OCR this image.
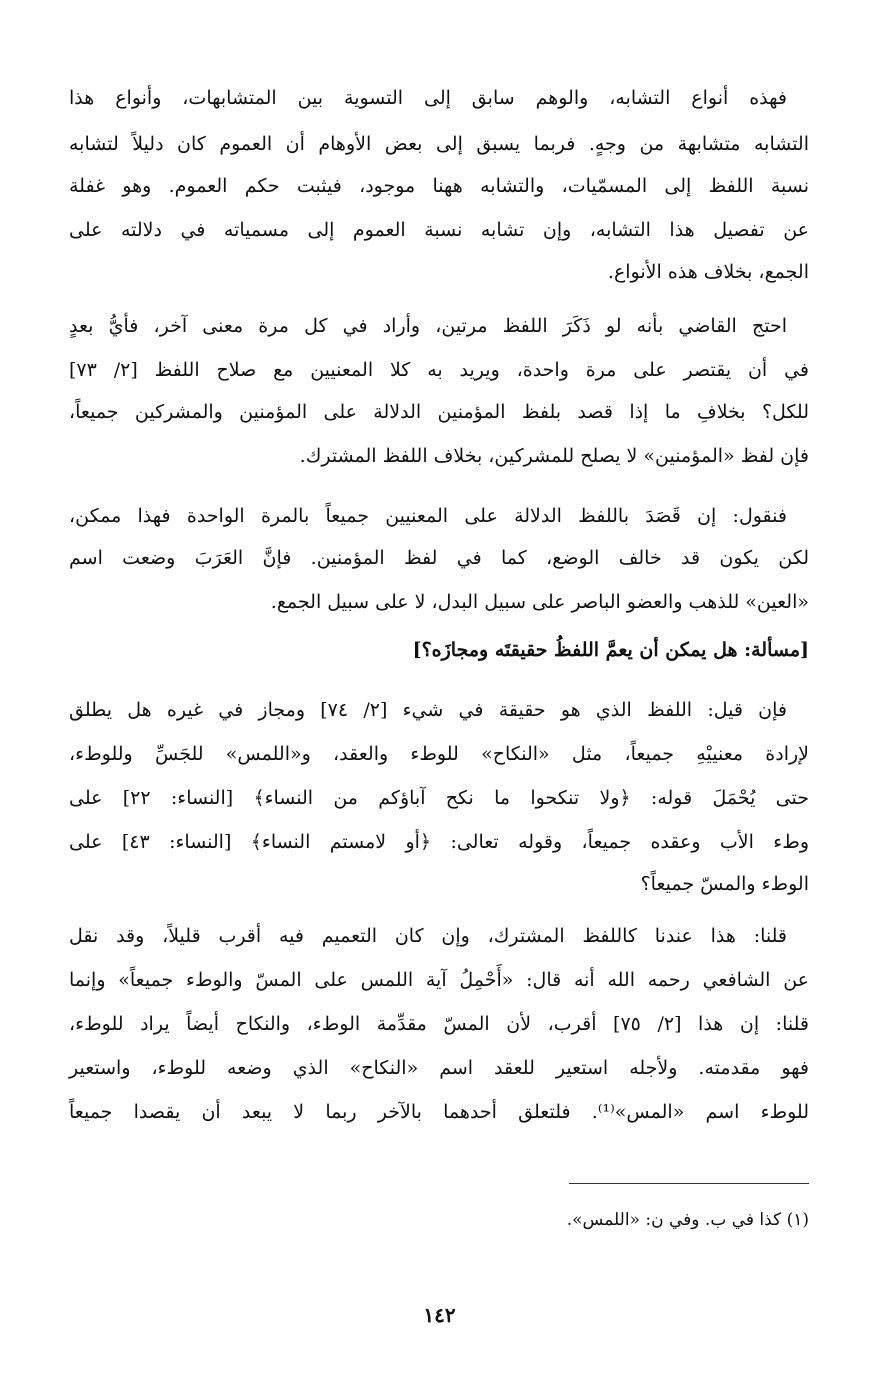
فهذه أنواع التشابه، والوهم سابق إلى التسوية بين المتشابهات، وأنواع هذا
التشابه متشابهة من وجهٍ. فربما يسبق إلى بعض الأوهام أن العموم كان دليلاً لتشابه
نسبة اللفظ إلى المسمّيات، والتشابه ههنا موجود، فيثبت حكم العموم. وهو غفلة
عن تفصيل هذا التشابه، وإن تشابه نسبة العموم إلى مسمياته في دلالته على
الجمع، بخلاف هذه الأنواع.
احتج القاضي بأنه لو ذَكَرَ اللفظ مرتين، وأراد في كل مرة معنى آخر، فأيُّ بعدٍ
في أن يقتصر على مرة واحدة، ويريد به كلا المعنيين مع صلاح اللفظ [٢/ ٧٣]
للكل؟ بخلافِ ما إذا قصد بلفظ المؤمنين الدلالة على المؤمنين والمشركين جميعاً،
فإن لفظ «المؤمنين» لا يصلح للمشركين، بخلاف اللفظ المشترك.
فنقول: إن قَصَدَ باللفظ الدلالة على المعنيين جميعاً بالمرة الواحدة فهذا ممكن،
لكن يكون قد خالف الوضع، كما في لفظ المؤمنين. فإنَّ العَرَبَ وضعت اسم
«العين» للذهب والعضو الباصر على سبيل البدل، لا على سبيل الجمع.
[مسألة: هل يمكن أن يعمَّ اللفظُ حقيقتَه ومجازَه؟]
فإن قيل: اللفظ الذي هو حقيقة في شيء [٢/ ٧٤] ومجاز في غيره هل يطلق
لإرادة معنييْهِ جميعاً، مثل «النكاح» للوطء والعقد، و«اللمس» للجَسِّ وللوطء،
حتى يُحْمَلَ قوله: ﴿ولا تنكحوا ما نكح آباؤكم من النساء﴾ [النساء: ٢٢] على
وطء الأب وعقده جميعاً، وقوله تعالى: ﴿أو لامستم النساء﴾ [النساء: ٤٣] على
الوطء والمسّ جميعاً؟
قلنا: هذا عندنا كاللفظ المشترك، وإن كان التعميم فيه أقرب قليلاً، وقد نقل
عن الشافعي رحمه الله أنه قال: «أَحْمِلُ آية اللمس على المسّ والوطء جميعاً» وإنما
قلنا: إن هذا [٢/ ٧٥] أقرب، لأن المسّ مقدِّمة الوطء، والنكاح أيضاً يراد للوطء،
فهو مقدمته. ولأجله استعير للعقد اسم «النكاح» الذي وضعه للوطء، واستعير
للوطء اسم «المس»⁽¹⁾. فلتعلق أحدهما بالآخر ربما لا يبعد أن يقصدا جميعاً
(١) كذا في ب. وفي ن: «اللمس».
١٤٢
